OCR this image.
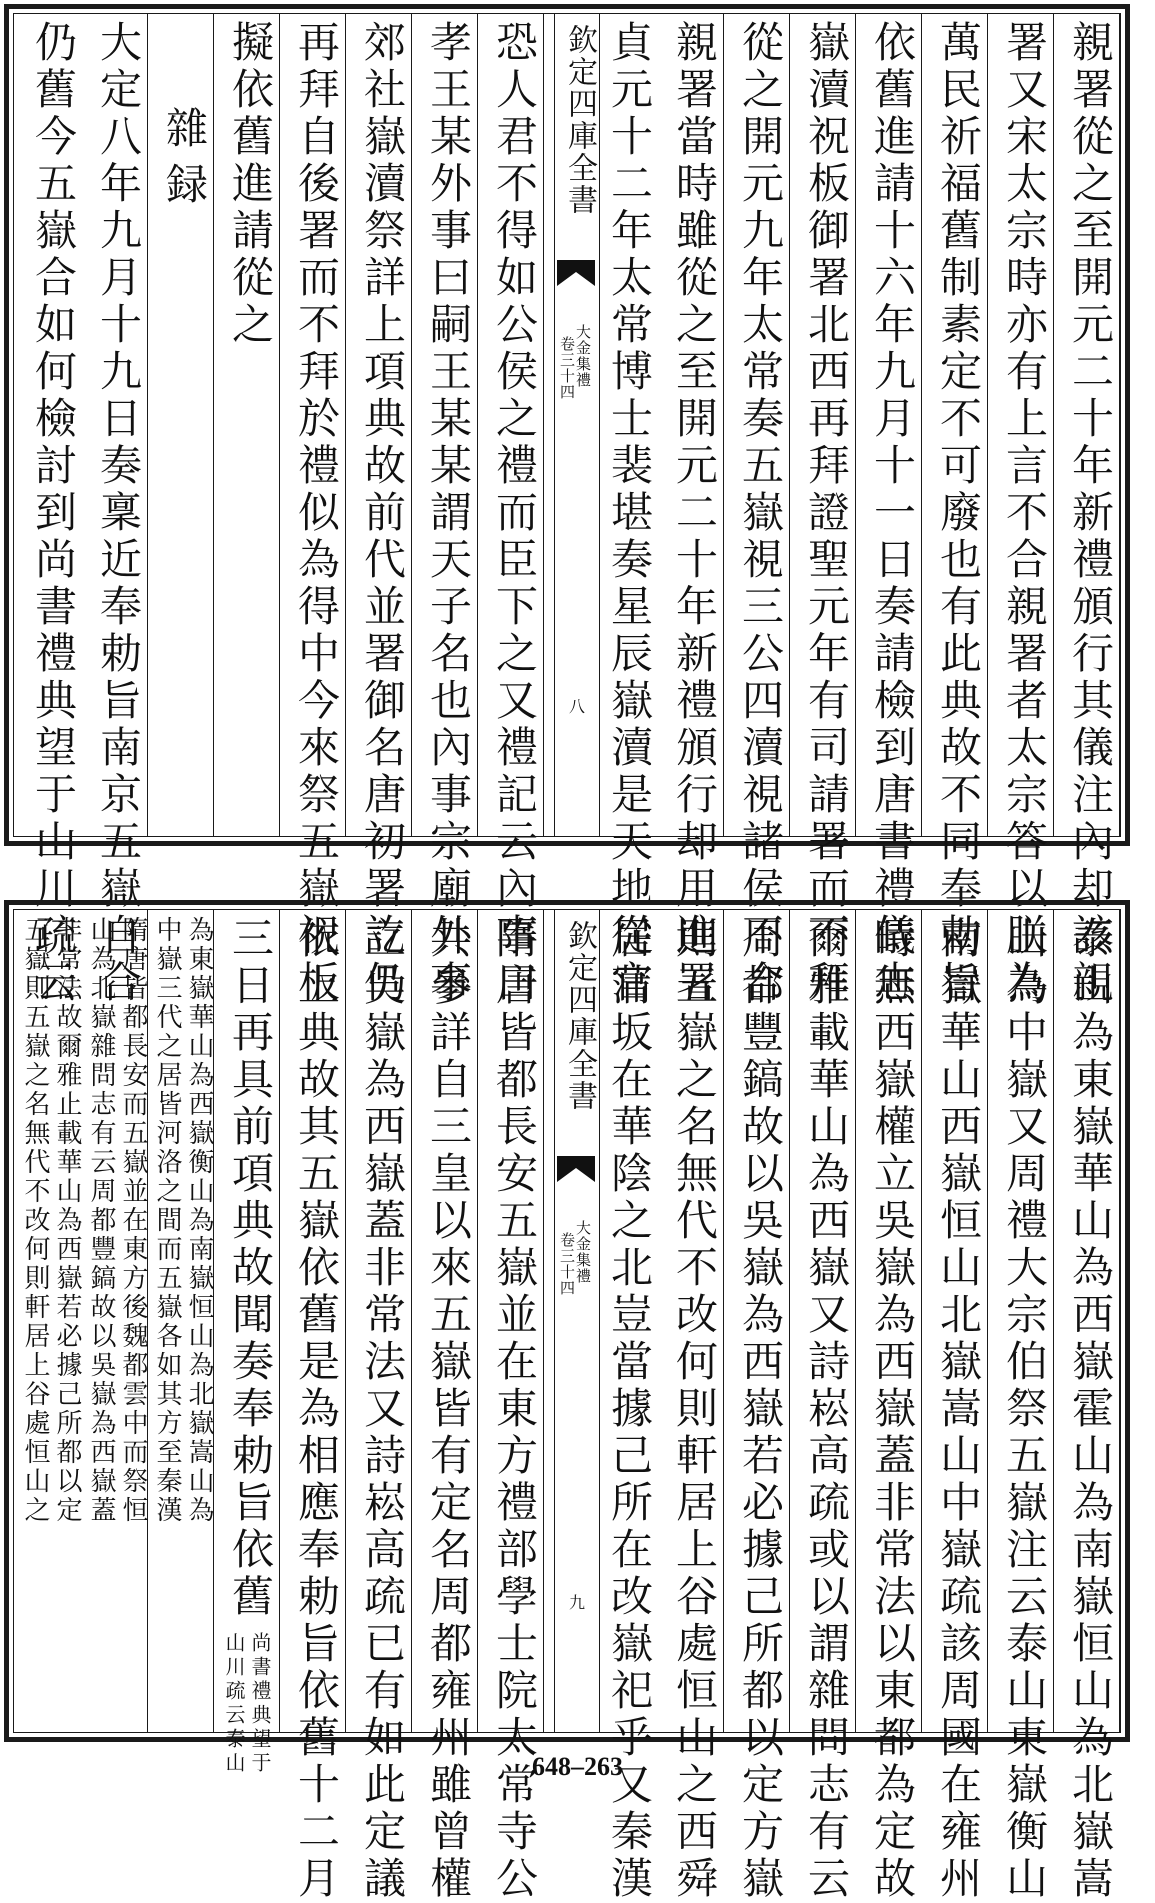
親署從之至開元二十年新禮頒行其儀注內却該親
署又宋太宗時亦有上言不合親署者太宗答以朕為
萬民祈福舊制素定不可廢也有此典故不同奉勅旨
依舊進請十六年九月十一日奏請檢到唐書禮儀志
嶽瀆祝板御署北西再拜證聖元年有司請署而不拜
從之開元九年太常奏五嶽視三公四瀆視諸侯不合
親署當時雖從之至開元二十年新禮頒行却用進署
貞元十二年太常博士裴堪奏星辰嶽瀆是天地從官
欽定四庫全書
大金集禮
卷三十四
八
恐人君不得如公侯之禮而臣下之又禮記云內事曰
孝王某外事曰嗣王某某謂天子名也內事宗廟外事
郊社嶽瀆祭詳上項典故前代並署御名唐初署訖仍
再拜自後署而不拜於禮似為得中今來祭五嶽祝板
擬依舊進請從之
雜録
大定八年九月十九日奏稟近奉勅旨南京五嶽自合
仍舊今五嶽合如何檢討到尚書禮典望于山川疏云
泰山為東嶽華山為西嶽霍山為南嶽恒山為北嶽嵩
山為中嶽又周禮大宗伯祭五嶽注云泰山東嶽衡山
南嶽華山西嶽恒山北嶽嵩山中嶽疏該周國在雍州
時無西嶽權立吳嶽為西嶽蓋非常法以東都為定故
爾雅載華山為西嶽又詩崧高疏或以謂雜問志有云
周都豐鎬故以吳嶽為西嶽若必據己所都以定方嶽
則五嶽之名無代不改何則軒居上谷處恒山之西舜
居蒲坂在華陰之北豈當據己所在改嶽祀乎又秦漢
欽定四庫全書
大金集禮
卷三十四
九
隋唐皆都長安五嶽並在東方禮部學士院太常寺公
共參詳自三皇以來五嶽皆有定名周都雍州雖曾權
立吳嶽為西嶽蓋非常法又詩崧高疏已有如此定議
依上典故其五嶽依舊是為相應奉勅旨依舊十二月
三日再具前項典故聞奏奉勅旨依舊
尚書禮典望于
山川疏云泰山
為東嶽華山為西嶽衡山為南嶽恒山為北嶽嵩山為
中嶽三代之居皆河洛之間而五嶽各如其方至秦漢
隋唐皆都長安而五嶽並在東方後魏都雲中而祭恒
山為北嶽雜問志有云周都豐鎬故以吳嶽為西嶽蓋
非常法故爾雅止載華山為西嶽若必據己所都以定
五嶽則五嶽之名無代不改何則軒居上谷處恒山之
648–263
